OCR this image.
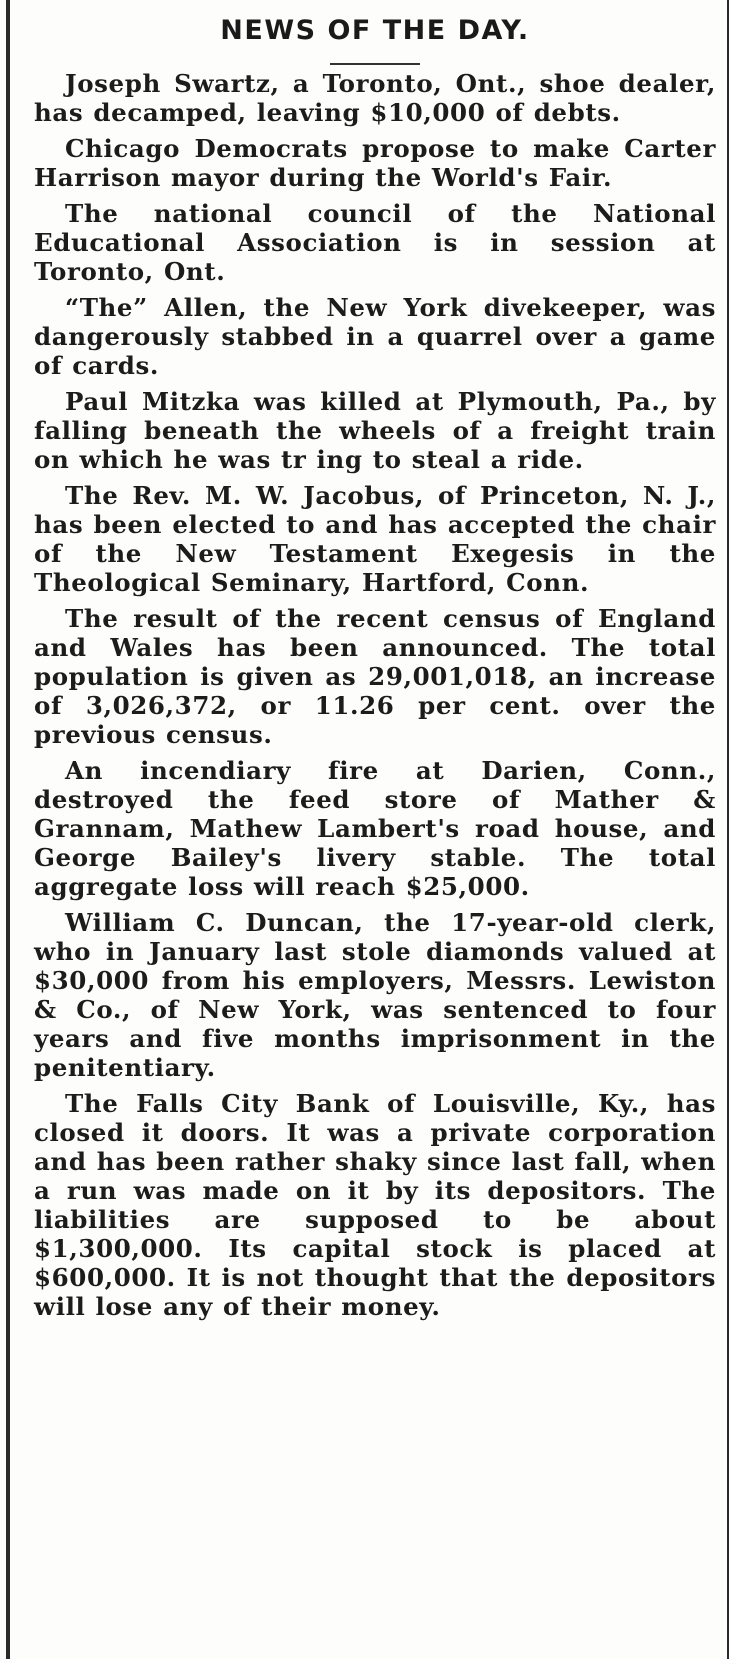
NEWS OF THE DAY.

Joseph Swartz, a Toronto, Ont., shoe dealer, has decamped, leaving $10,000 of debts.

Chicago Democrats propose to make Carter Harrison mayor during the World's Fair.

The national council of the National Educational Association is in session at Toronto, Ont.

“The” Allen, the New York divekeeper, was dangerously stabbed in a quarrel over a game of cards.

Paul Mitzka was killed at Plymouth, Pa., by falling beneath the wheels of a freight train on which he was tr ing to steal a ride.

The Rev. M. W. Jacobus, of Princeton, N. J., has been elected to and has accepted the chair of the New Testament Exegesis in the Theological Seminary, Hartford, Conn.

The result of the recent census of England and Wales has been announced. The total population is given as 29,001,018, an increase of 3,026,372, or 11.26 per cent. over the previous census.

An incendiary fire at Darien, Conn., destroyed the feed store of Mather & Grannam, Mathew Lambert's road house, and George Bailey's livery stable. The total aggregate loss will reach $25,000.

William C. Duncan, the 17-year-old clerk, who in January last stole diamonds valued at $30,000 from his employers, Messrs. Lewiston & Co., of New York, was sentenced to four years and five months imprisonment in the penitentiary.

The Falls City Bank of Louisville, Ky., has closed it doors. It was a private corporation and has been rather shaky since last fall, when a run was made on it by its depositors. The liabilities are supposed to be about $1,300,000. Its capital stock is placed at $600,000. It is not thought that the depositors will lose any of their money.
